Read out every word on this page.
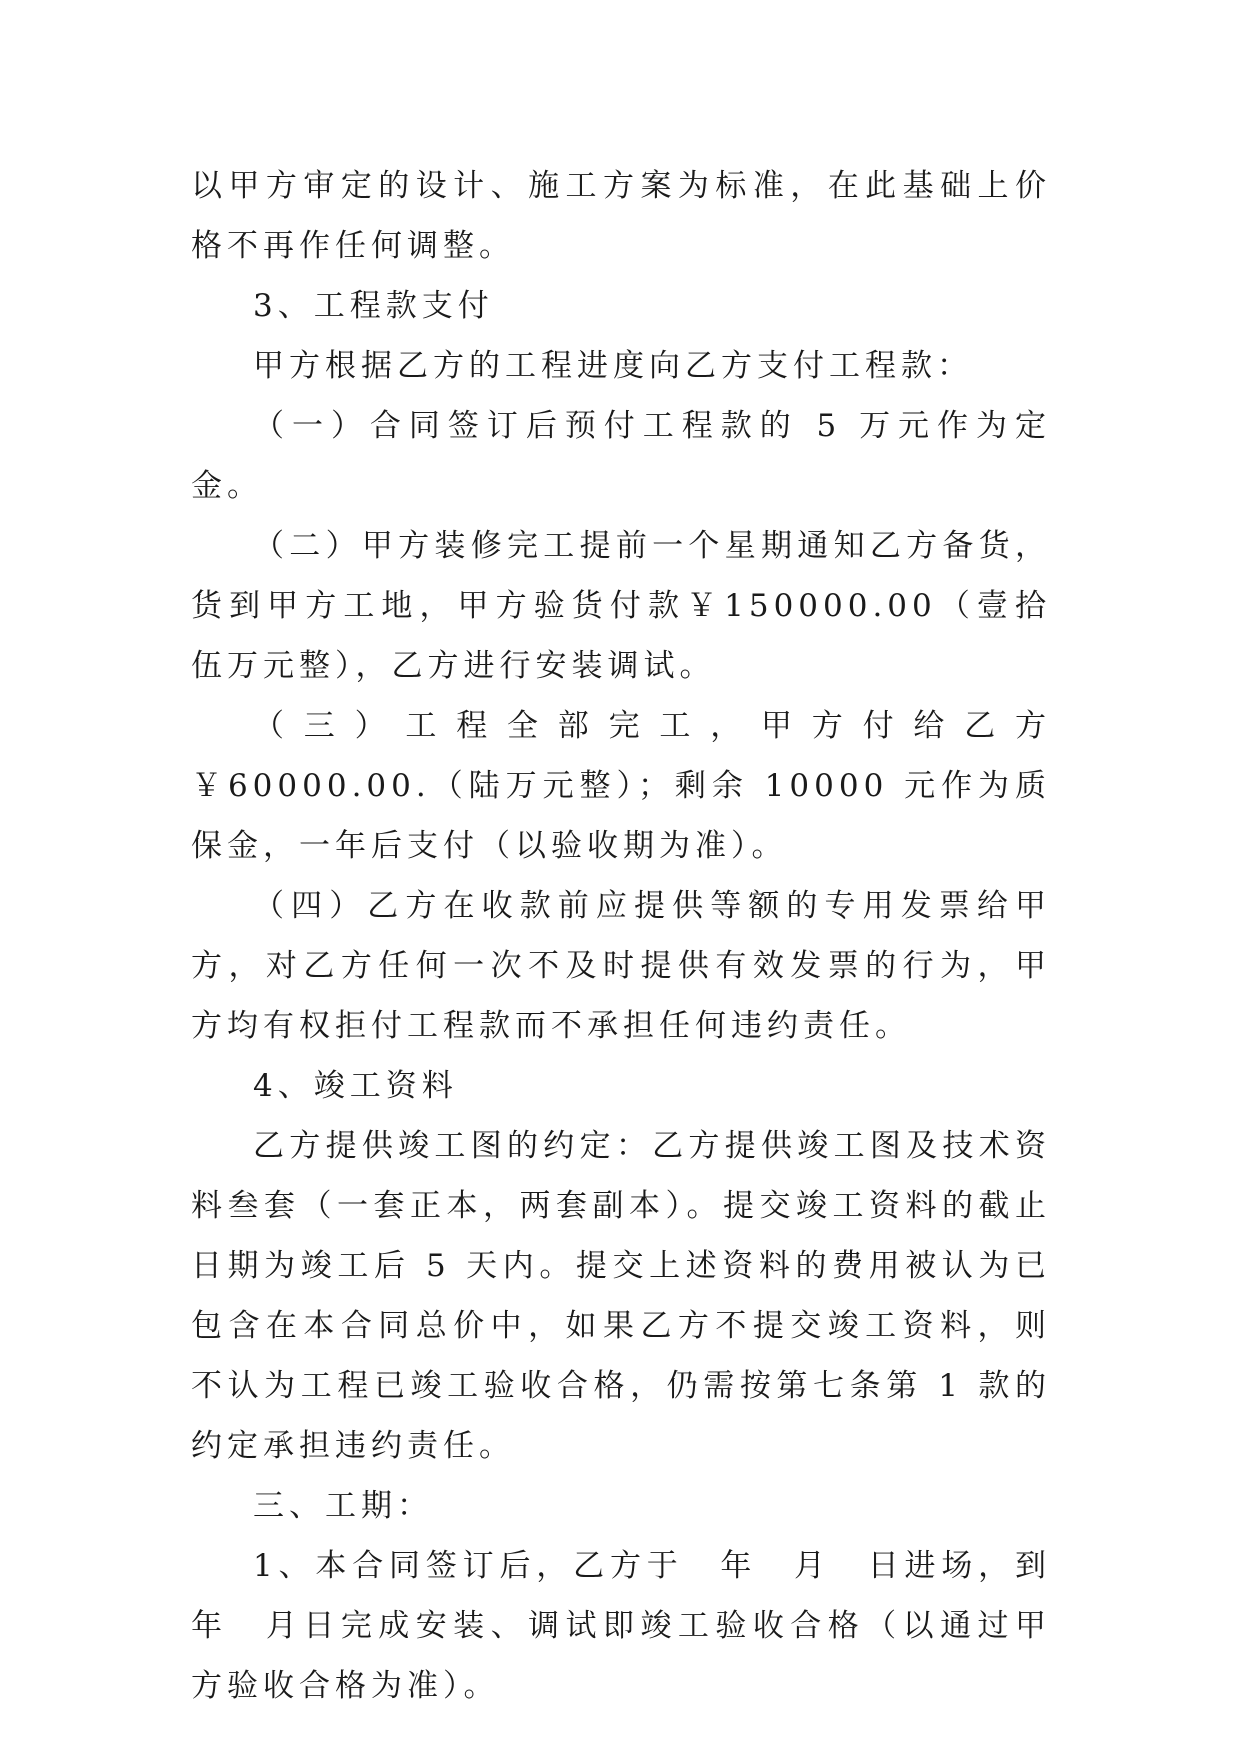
以甲方审定的设计、施工方案为标准，在此基础上价格不再作任何调整。

3、工程款支付

甲方根据乙方的工程进度向乙方支付工程款：

（一）合同签订后预付工程款的 5 万元作为定金。

（二）甲方装修完工提前一个星期通知乙方备货，货到甲方工地，甲方验货付款￥150000.00（壹拾伍万元整），乙方进行安装调试。

（三）工程全部完工，甲方付给乙方￥60000.00.（陆万元整）；剩余 10000 元作为质保金，一年后支付（以验收期为准）。

（四）乙方在收款前应提供等额的专用发票给甲方，对乙方任何一次不及时提供有效发票的行为，甲方均有权拒付工程款而不承担任何违约责任。

4、竣工资料

乙方提供竣工图的约定：乙方提供竣工图及技术资料叁套（一套正本，两套副本）。提交竣工资料的截止日期为竣工后 5 天内。提交上述资料的费用被认为已包含在本合同总价中，如果乙方不提交竣工资料，则不认为工程已竣工验收合格，仍需按第七条第 1 款的约定承担违约责任。

三、工期：

1、本合同签订后，乙方于　年　月　日进场，到　年　月日完成安装、调试即竣工验收合格（以通过甲方验收合格为准）。
